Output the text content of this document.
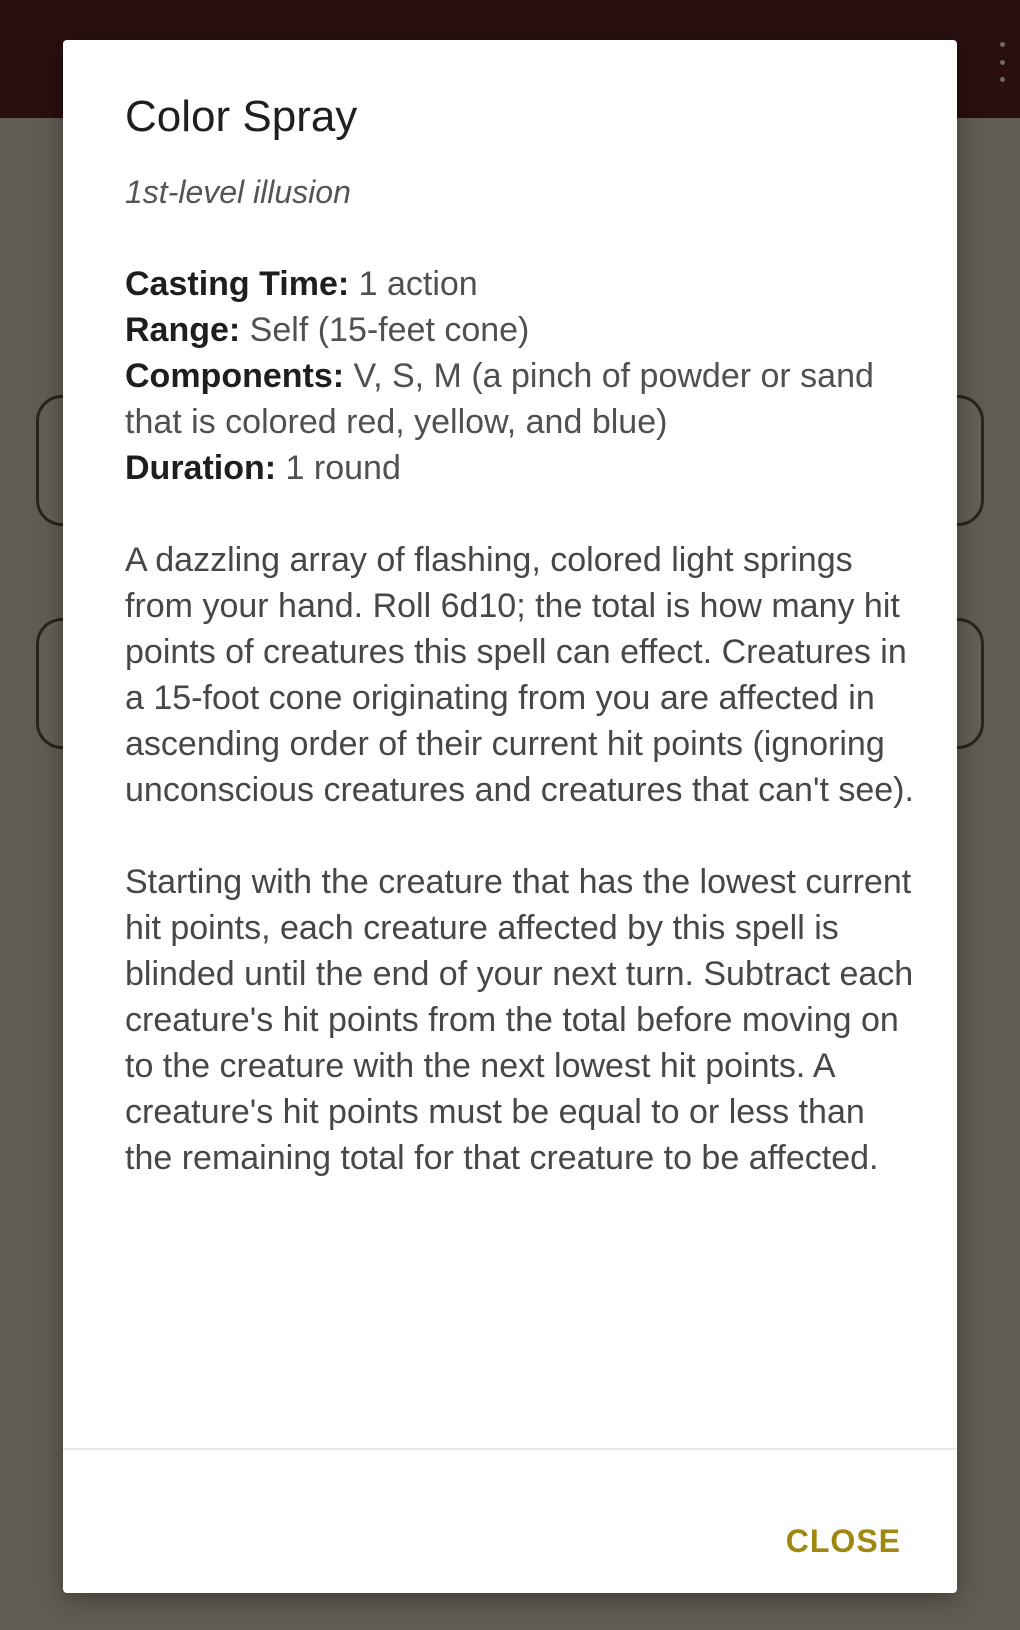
Color Spray
1st-level illusion
Casting Time: 1 action
Range: Self (15-feet cone)
Components: V, S, M (a pinch of powder or sand that is colored red, yellow, and blue)
Duration: 1 round

A dazzling array of flashing, colored light springs from your hand. Roll 6d10; the total is how many hit points of creatures this spell can effect. Creatures in a 15-foot cone originating from you are affected in ascending order of their current hit points (ignoring unconscious creatures and creatures that can't see).

Starting with the creature that has the lowest current hit points, each creature affected by this spell is blinded until the end of your next turn. Subtract each creature's hit points from the total before moving on to the creature with the next lowest hit points. A creature's hit points must be equal to or less than the remaining total for that creature to be affected.

CLOSE
